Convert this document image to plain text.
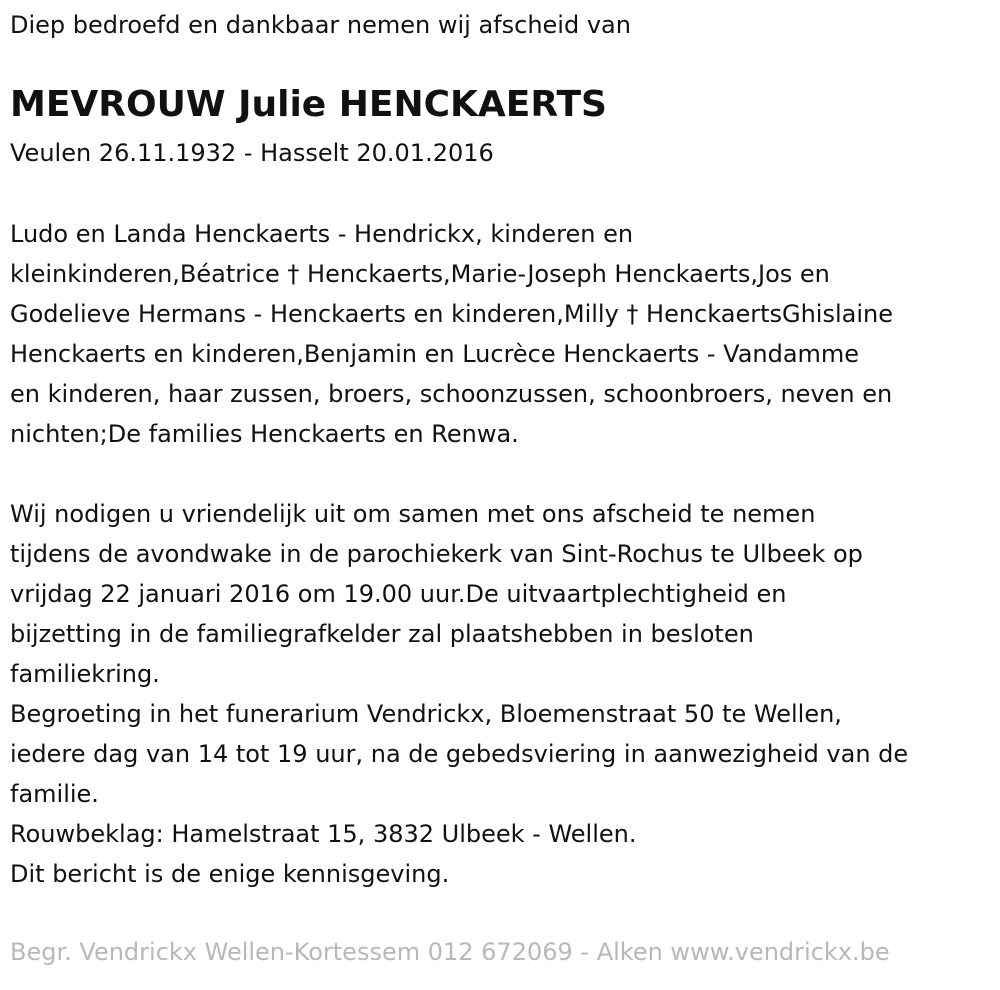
Diep bedroefd en dankbaar nemen wij afscheid van
MEVROUW Julie HENCKAERTS
Veulen 26.11.1932 - Hasselt 20.01.2016
Ludo en Landa Henckaerts - Hendrickx, kinderen en
kleinkinderen,Béatrice † Henckaerts,Marie-Joseph Henckaerts,Jos en
Godelieve Hermans - Henckaerts en kinderen,Milly † HenckaertsGhislaine
Henckaerts en kinderen,Benjamin en Lucrèce Henckaerts - Vandamme
en kinderen, haar zussen, broers, schoonzussen, schoonbroers, neven en
nichten;De families Henckaerts en Renwa.
Wij nodigen u vriendelijk uit om samen met ons afscheid te nemen
tijdens de avondwake in de parochiekerk van Sint-Rochus te Ulbeek op
vrijdag 22 januari 2016 om 19.00 uur.De uitvaartplechtigheid en
bijzetting in de familiegrafkelder zal plaatshebben in besloten
familiekring.
Begroeting in het funerarium Vendrickx, Bloemenstraat 50 te Wellen,
iedere dag van 14 tot 19 uur, na de gebedsviering in aanwezigheid van de
familie.
Rouwbeklag: Hamelstraat 15, 3832 Ulbeek - Wellen.
Dit bericht is de enige kennisgeving.
Begr. Vendrickx Wellen-Kortessem 012 672069 - Alken www.vendrickx.be
